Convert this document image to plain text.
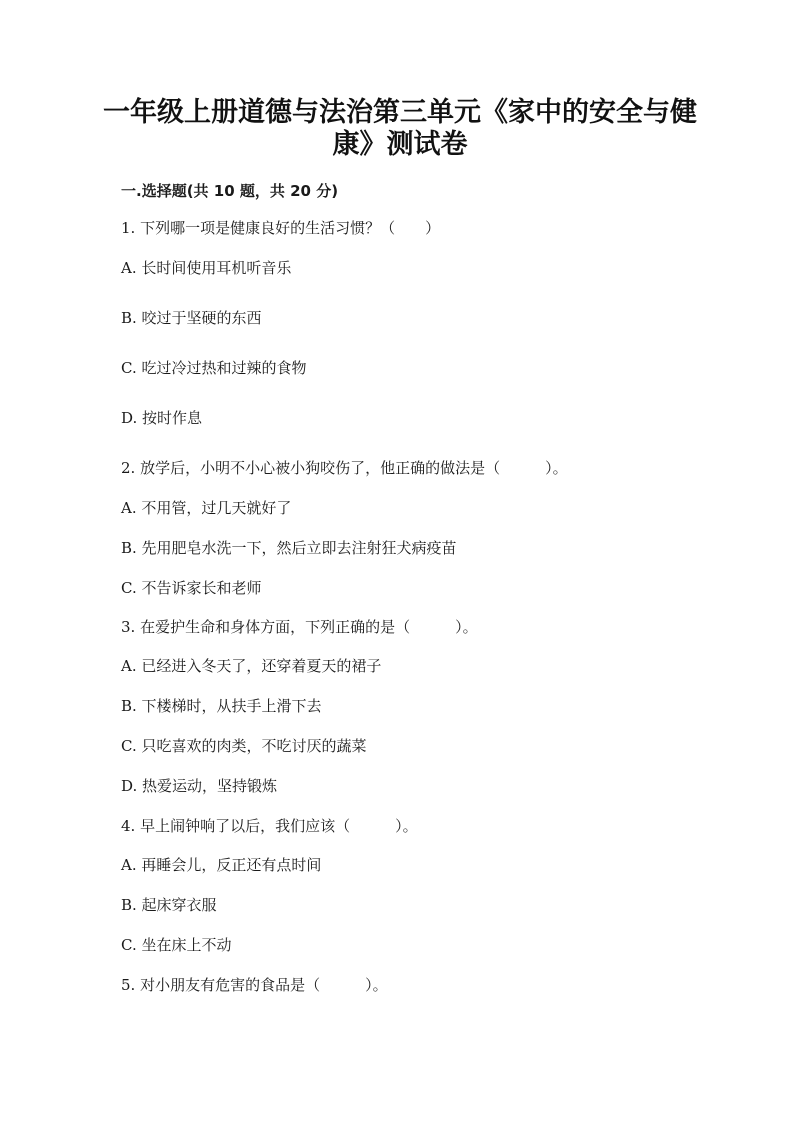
一年级上册道德与法治第三单元《家中的安全与健
康》测试卷
一.选择题(共 10 题，共 20 分)
1. 下列哪一项是健康良好的生活习惯？（　　）
A. 长时间使用耳机听音乐
B. 咬过于坚硬的东西
C. 吃过冷过热和过辣的食物
D. 按时作息
2. 放学后，小明不小心被小狗咬伤了，他正确的做法是（　　　）。
A. 不用管，过几天就好了
B. 先用肥皂水洗一下，然后立即去注射狂犬病疫苗
C. 不告诉家长和老师
3. 在爱护生命和身体方面，下列正确的是（　　　）。
A. 已经进入冬天了，还穿着夏天的裙子
B. 下楼梯时，从扶手上滑下去
C. 只吃喜欢的肉类，不吃讨厌的蔬菜
D. 热爱运动，坚持锻炼
4. 早上闹钟响了以后，我们应该（　　　）。
A. 再睡会儿，反正还有点时间
B. 起床穿衣服
C. 坐在床上不动
5. 对小朋友有危害的食品是（　　　）。
